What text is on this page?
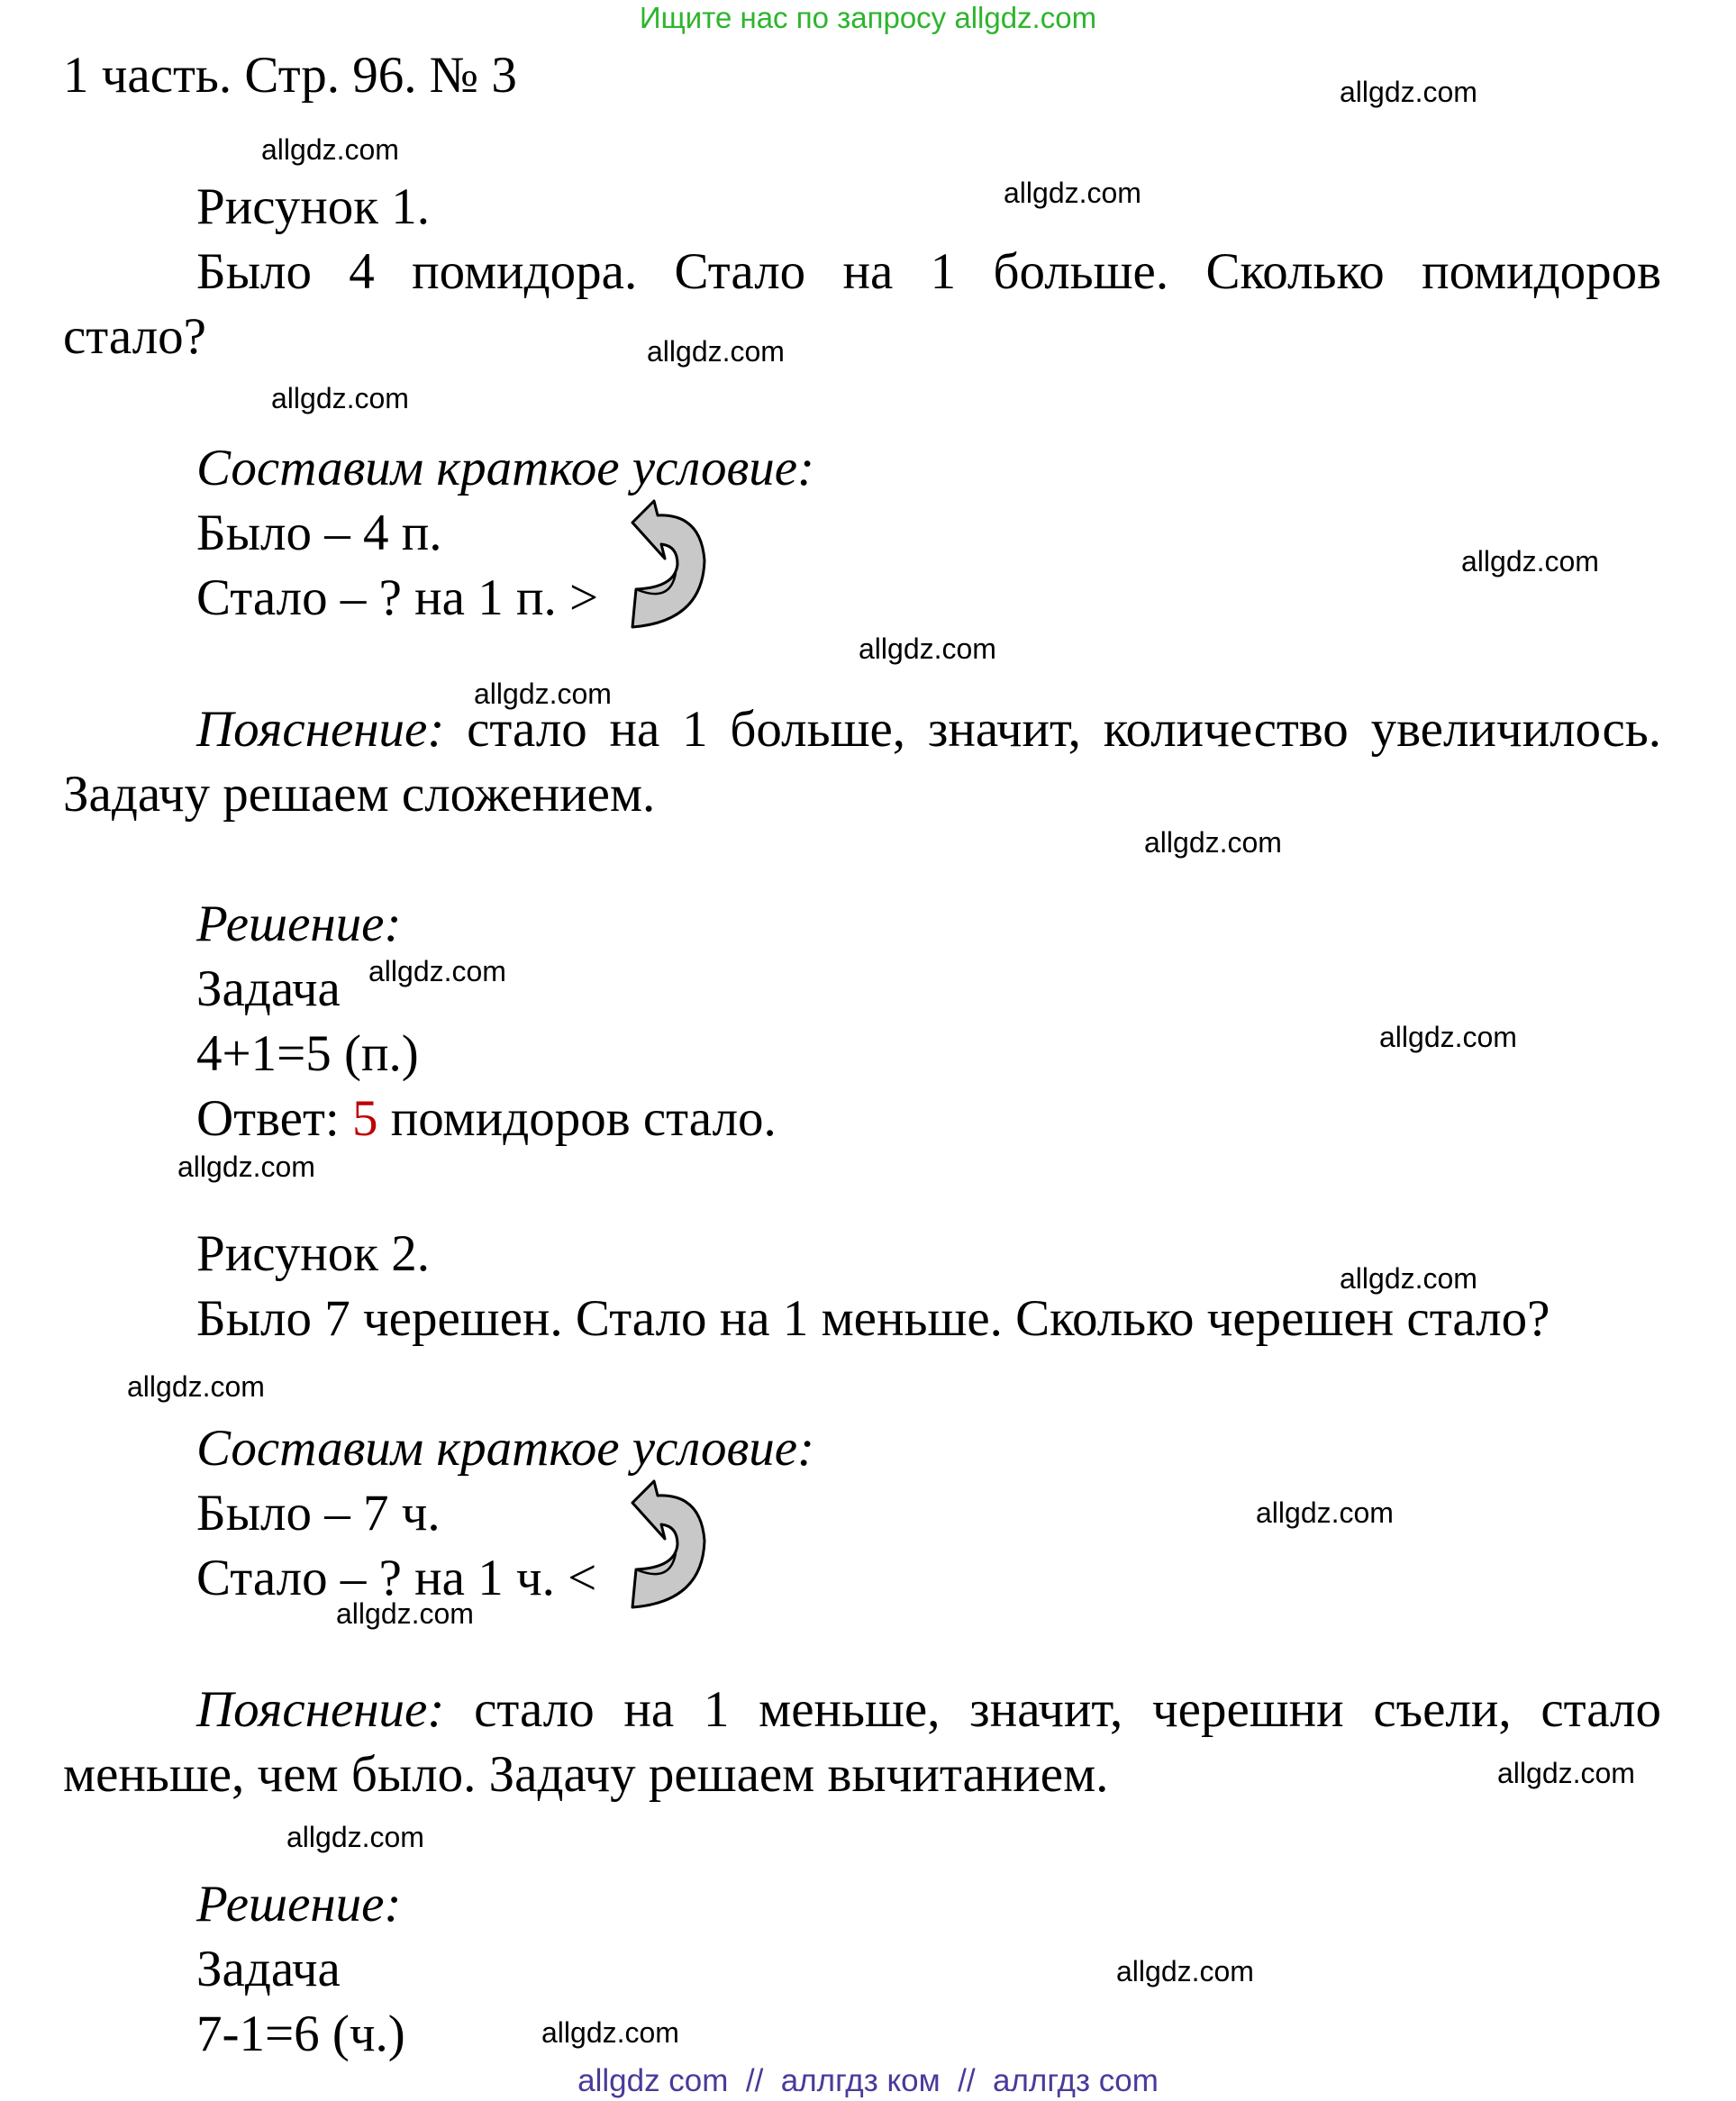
Ищите нас по запросу allgdz.com
1 часть. Стр. 96. № 3
Рисунок 1.
Было 4 помидора. Стало на 1 больше. Сколько помидоров
стало?
Составим краткое условие:
Было – 4 п.
Стало – ? на 1 п. >
Пояснение: стало на 1 больше, значит, количество увеличилось.
Задачу решаем сложением.
Решение:
Задача
4+1=5 (п.)
Ответ: 5 помидоров стало.
Рисунок 2.
Было 7 черешен. Стало на 1 меньше. Сколько черешен стало?
Составим краткое условие:
Было – 7 ч.
Стало – ? на 1 ч. <
Пояснение: стало на 1 меньше, значит, черешни съели, стало
меньше, чем было. Задачу решаем вычитанием.
Решение:
Задача
7-1=6 (ч.)
allgdz.com
allgdz.com
allgdz.com
allgdz.com
allgdz.com
allgdz.com
allgdz.com
allgdz.com
allgdz.com
allgdz.com
allgdz.com
allgdz.com
allgdz.com
allgdz.com
allgdz.com
allgdz.com
allgdz.com
allgdz.com
allgdz.com
allgdz.com
allgdz com  //  аллгдз ком  //  аллгдз com
